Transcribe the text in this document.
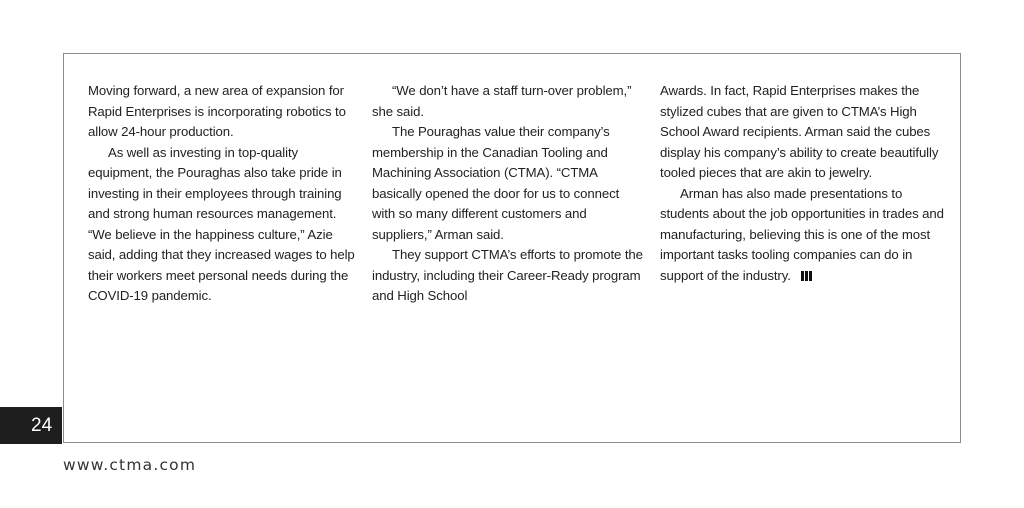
Moving forward, a new area of expansion for Rapid Enterprises is incorporating robotics to allow 24-hour production.

As well as investing in top-quality equipment, the Pouraghas also take pride in investing in their employees through training and strong human resources management. “We believe in the happiness culture,” Azie said, adding that they increased wages to help their workers meet personal needs during the COVID-19 pandemic.

“We don’t have a staff turn-over problem,” she said.

The Pouraghas value their company’s membership in the Canadian Tooling and Machining Association (CTMA). “CTMA basically opened the door for us to connect with so many different customers and suppliers,” Arman said.

They support CTMA’s efforts to promote the industry, including their Career-Ready program and High School

Awards. In fact, Rapid Enterprises makes the stylized cubes that are given to CTMA’s High School Award recipients. Arman said the cubes display his company’s ability to create beautifully tooled pieces that are akin to jewelry.

Arman has also made presentations to students about the job opportunities in trades and manufacturing, believing this is one of the most important tasks tooling companies can do in support of the industry.

24
www.ctma.com
